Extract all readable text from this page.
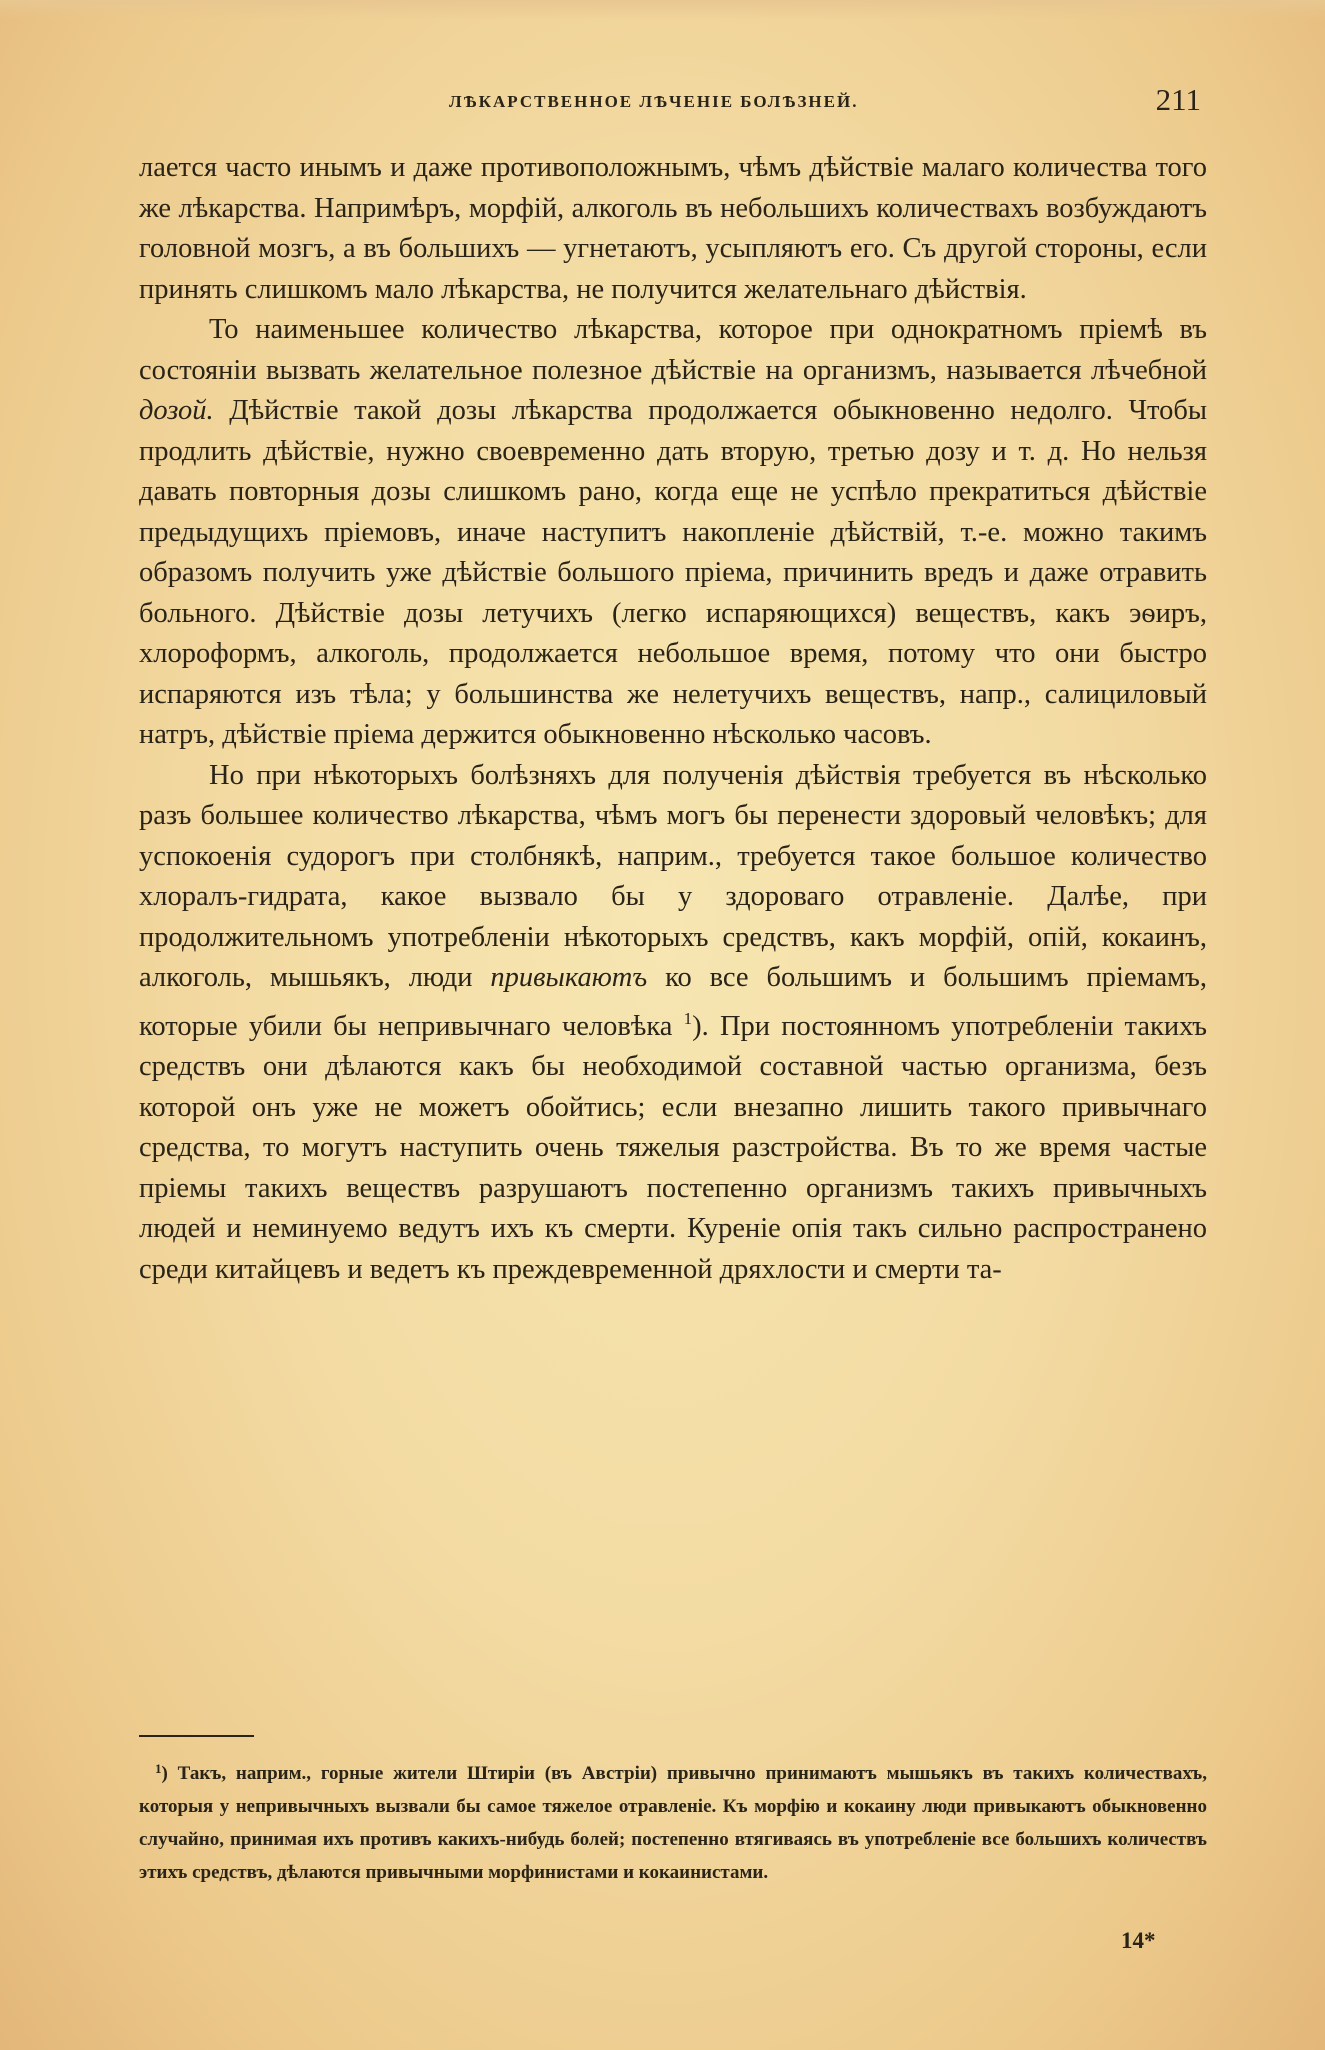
ЛѢКАРСТВЕННОЕ ЛѢЧЕНІЕ БОЛѢЗНЕЙ.	211

лается часто инымъ и даже противоположнымъ, чѣмъ дѣйствіе малаго количества того же лѣкарства. Напримѣръ, морфій, алкоголь въ небольшихъ количествахъ возбуждаютъ головной мозгъ, а въ большихъ — угнетаютъ, усыпляютъ его. Съ другой стороны, если принять слишкомъ мало лѣкарства, не получится желательнаго дѣйствія.

То наименьшее количество лѣкарства, которое при однократномъ пріемѣ въ состояніи вызвать желательное полезное дѣйствіе на организмъ, называется лѣчебной дозой. Дѣйствіе такой дозы лѣкарства продолжается обыкновенно недолго. Чтобы продлить дѣйствіе, нужно своевременно дать вторую, третью дозу и т. д. Но нельзя давать повторныя дозы слишкомъ рано, когда еще не успѣло прекратиться дѣйствіе предыдущихъ пріемовъ, иначе наступитъ накопленіе дѣйствій, т.-е. можно такимъ образомъ получить уже дѣйствіе большого пріема, причинить вредъ и даже отравить больного. Дѣйствіе дозы летучихъ (легко испаряющихся) веществъ, какъ эѳиръ, хлороформъ, алкоголь, продолжается небольшое время, потому что они быстро испаряются изъ тѣла; у большинства же нелетучихъ веществъ, напр., салициловый натръ, дѣйствіе пріема держится обыкновенно нѣсколько часовъ.

Но при нѣкоторыхъ болѣзняхъ для полученія дѣйствія требуется въ нѣсколько разъ большее количество лѣкарства, чѣмъ могъ бы перенести здоровый человѣкъ; для успокоенія судорогъ при столбнякѣ, наприм., требуется такое большое количество хлоралъ-гидрата, какое вызвало бы у здороваго отравленіе. Далѣе, при продолжительномъ употребленіи нѣкоторыхъ средствъ, какъ морфій, опій, кокаинъ, алкоголь, мышьякъ, люди привыкаютъ ко все большимъ и большимъ пріемамъ, которые убили бы непривычнаго человѣка $^1$). При постоянномъ употребленіи такихъ средствъ они дѣлаются какъ бы необходимой составной частью организма, безъ которой онъ уже не можетъ обойтись; если внезапно лишить такого привычнаго средства, то могутъ наступить очень тяжелыя разстройства. Въ то же время частые пріемы такихъ веществъ разрушаютъ постепенно организмъ такихъ привычныхъ людей и неминуемо ведутъ ихъ къ смерти. Куреніе опія такъ сильно распространено среди китайцевъ и ведетъ къ преждевременной дряхлости и смерти та-

$^1$) Такъ, наприм., горные жители Штиріи (въ Австріи) привычно принимаютъ мышьякъ въ такихъ количествахъ, которыя у непривычныхъ вызвали бы самое тяжелое отравленіе. Къ морфію и кокаину люди привыкаютъ обыкновенно случайно, принимая ихъ противъ какихъ-нибудь болей; постепенно втягиваясь въ употребленіе все большихъ количествъ этихъ средствъ, дѣлаются привычными морфинистами и кокаинистами.
14*
